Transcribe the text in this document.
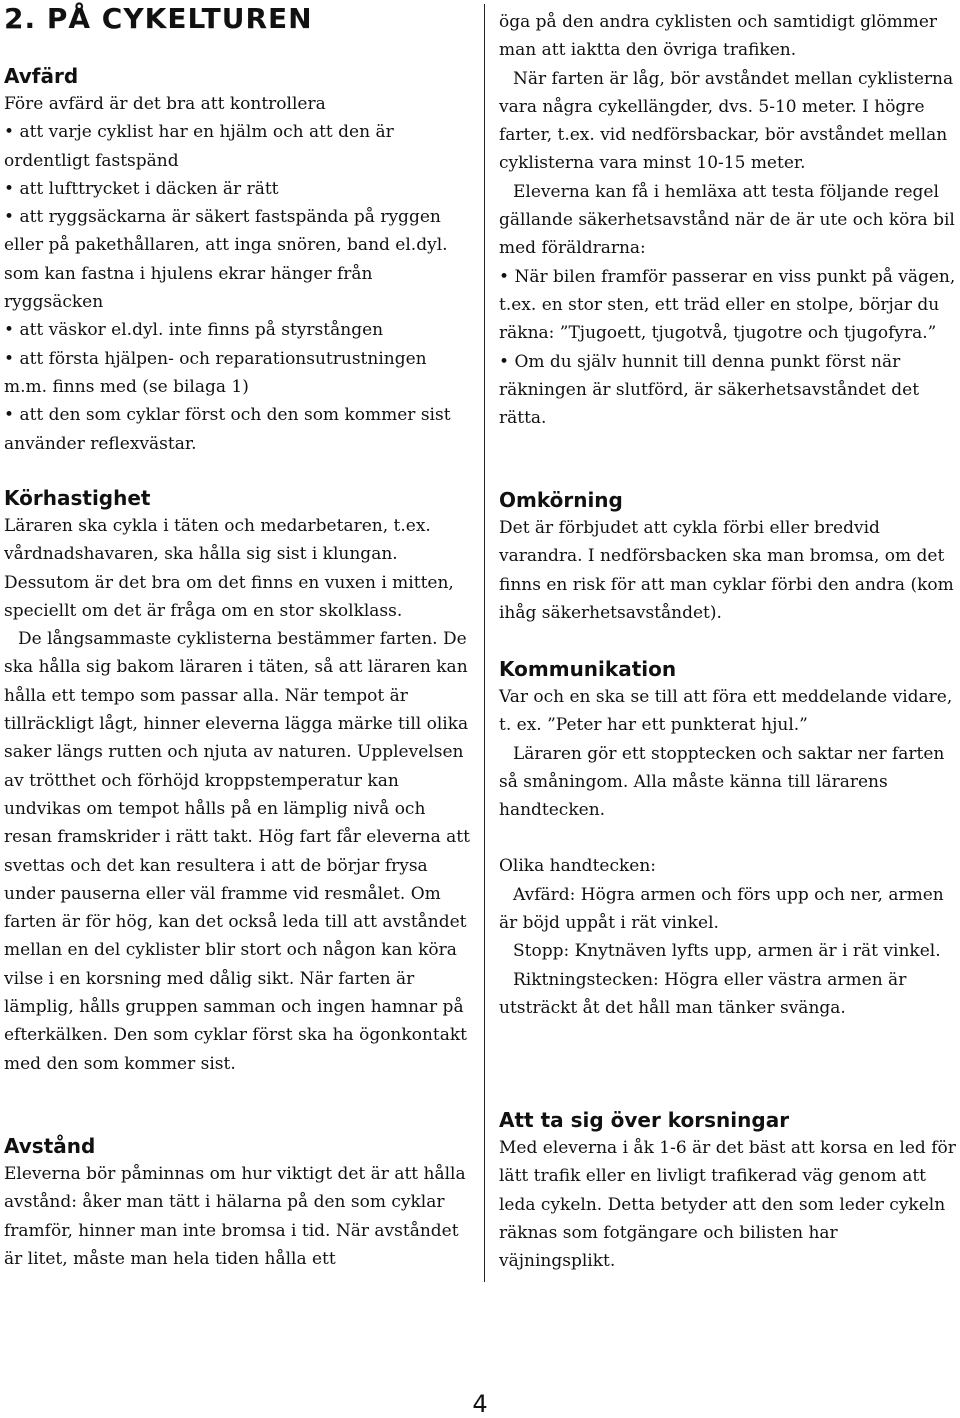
2. PÅ CYKELTUREN
Avfärd

Före avfärd är det bra att kontrollera

• att varje cyklist har en hjälm och att den är ordentligt fastspänd

• att lufttrycket i däcken är rätt

• att ryggsäckarna är säkert fastspända på ryggen eller på pakethållaren, att inga snören, band el.dyl. som kan fastna i hjulens ekrar hänger från ryggsäcken

• att väskor el.dyl. inte finns på styrstången

• att första hjälpen- och reparationsutrustningen m.m. finns med (se bilaga 1)

• att den som cyklar först och den som kommer sist använder reflexvästar.

Körhastighet

Läraren ska cykla i täten och medarbetaren, t.ex. vårdnadshavaren, ska hålla sig sist i klungan. Dessutom är det bra om det finns en vuxen i mitten, speciellt om det är fråga om en stor skolklass.

De långsammaste cyklisterna bestämmer farten. De ska hålla sig bakom läraren i täten, så att läraren kan hålla ett tempo som passar alla. När tempot är tillräckligt lågt, hinner eleverna lägga märke till olika saker längs rutten och njuta av naturen. Upplevelsen av trötthet och förhöjd kroppstemperatur kan undvikas om tempot hålls på en lämplig nivå och resan framskrider i rätt takt. Hög fart får eleverna att svettas och det kan resultera i att de börjar frysa under pauserna eller väl framme vid resmålet. Om farten är för hög, kan det också leda till att avståndet mellan en del cyklister blir stort och någon kan köra vilse i en korsning med dålig sikt. När farten är lämplig, hålls gruppen samman och ingen hamnar på efterkälken. Den som cyklar först ska ha ögonkontakt med den som kommer sist.

Avstånd

Eleverna bör påminnas om hur viktigt det är att hålla avstånd: åker man tätt i hälarna på den som cyklar framför, hinner man inte bromsa i tid. När avståndet är litet, måste man hela tiden hålla ett

öga på den andra cyklisten och samtidigt glömmer man att iaktta den övriga trafiken.

När farten är låg, bör avståndet mellan cyklisterna vara några cykellängder, dvs. 5-10 meter. I högre farter, t.ex. vid nedförsbackar, bör avståndet mellan cyklisterna vara minst 10-15 meter.

Eleverna kan få i hemläxa att testa följande regel gällande säkerhetsavstånd när de är ute och köra bil med föräldrarna:

• När bilen framför passerar en viss punkt på vägen, t.ex. en stor sten, ett träd eller en stolpe, börjar du räkna: ”Tjugoett, tjugotvå, tjugotre och tjugofyra.”

• Om du själv hunnit till denna punkt först när räkningen är slutförd, är säkerhetsavståndet det rätta.

Omkörning

Det är förbjudet att cykla förbi eller bredvid varandra. I nedförsbacken ska man bromsa, om det finns en risk för att man cyklar förbi den andra (kom ihåg säkerhetsavståndet).

Kommunikation

Var och en ska se till att föra ett meddelande vidare, t. ex. ”Peter har ett punkterat hjul.”

Läraren gör ett stopptecken och saktar ner farten så småningom. Alla måste känna till lärarens handtecken.

Olika handtecken:

Avfärd: Högra armen och förs upp och ner, armen är böjd uppåt i rät vinkel.

Stopp: Knytnäven lyfts upp, armen är i rät vinkel.

Riktningstecken: Högra eller västra armen är utsträckt åt det håll man tänker svänga.

Att ta sig över korsningar

Med eleverna i åk 1-6 är det bäst att korsa en led för lätt trafik eller en livligt trafikerad väg genom att leda cykeln. Detta betyder att den som leder cykeln räknas som fotgängare och bilisten har väjningsplikt.

4
